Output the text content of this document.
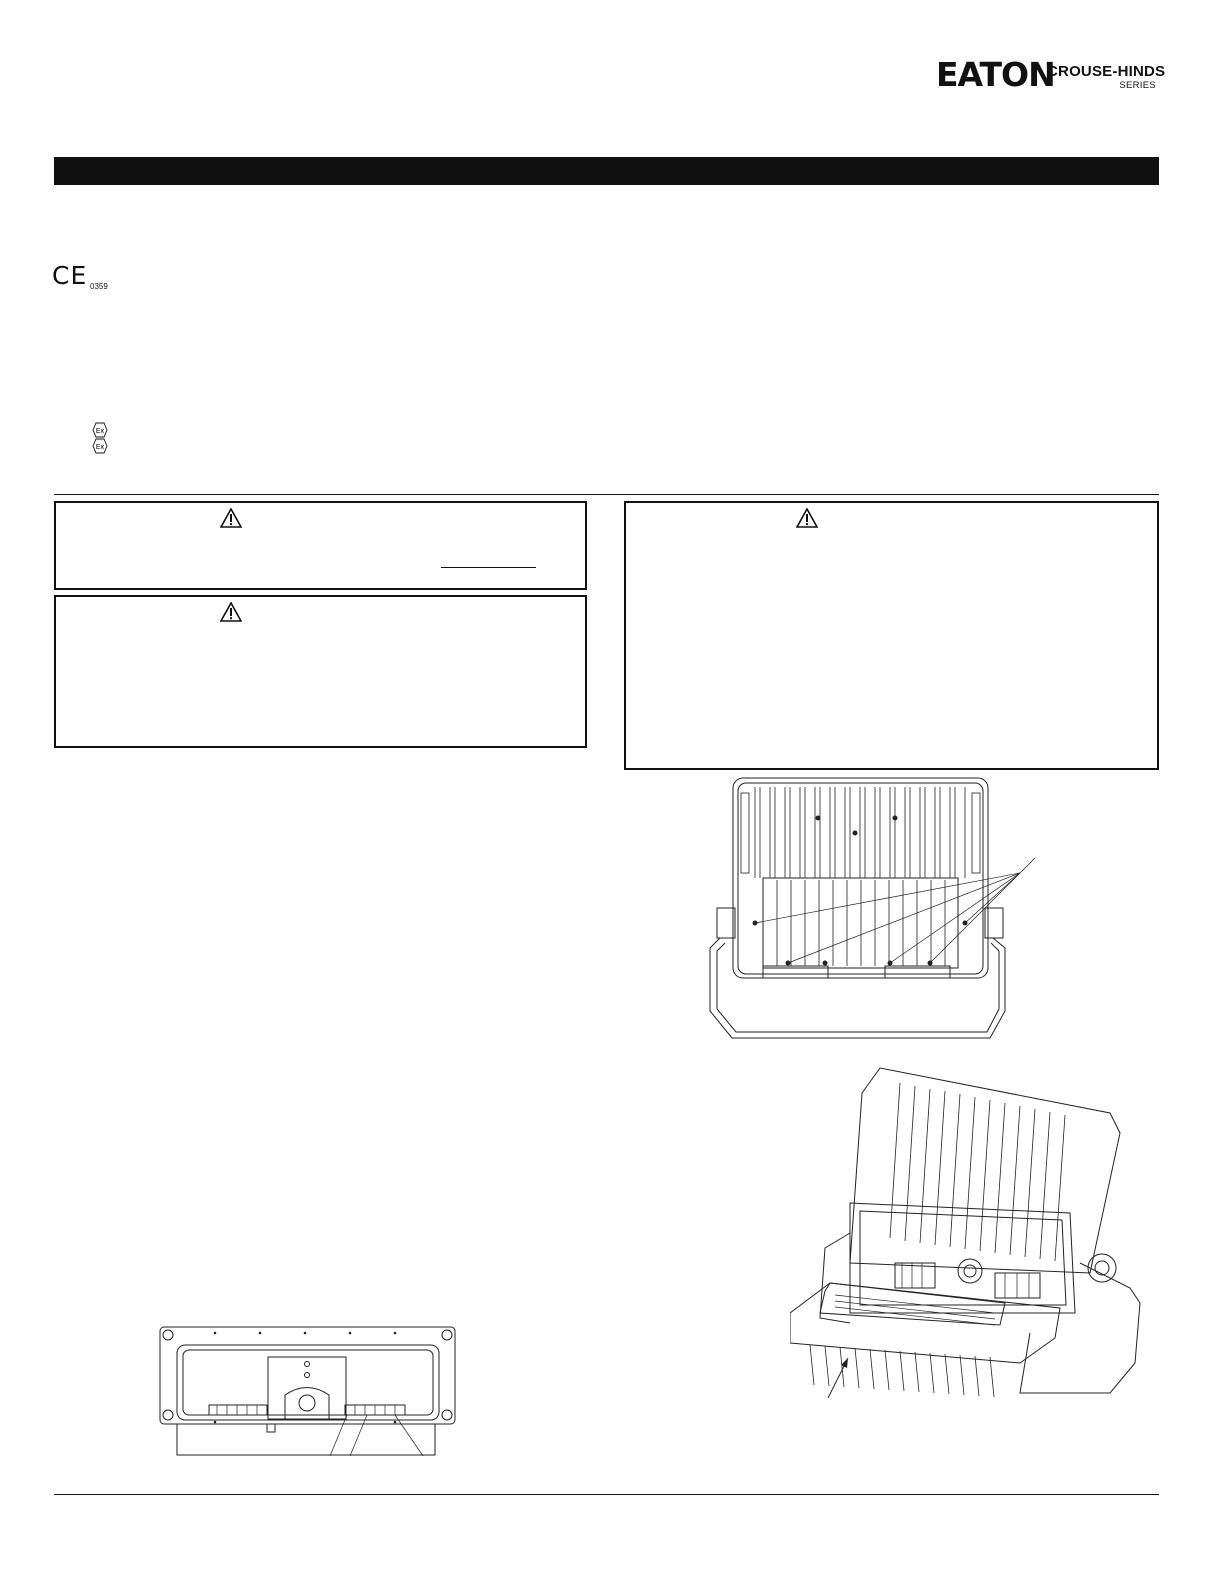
EATON
CROUSE-HINDS
SERIES
CE 0359
Ex
Ex
